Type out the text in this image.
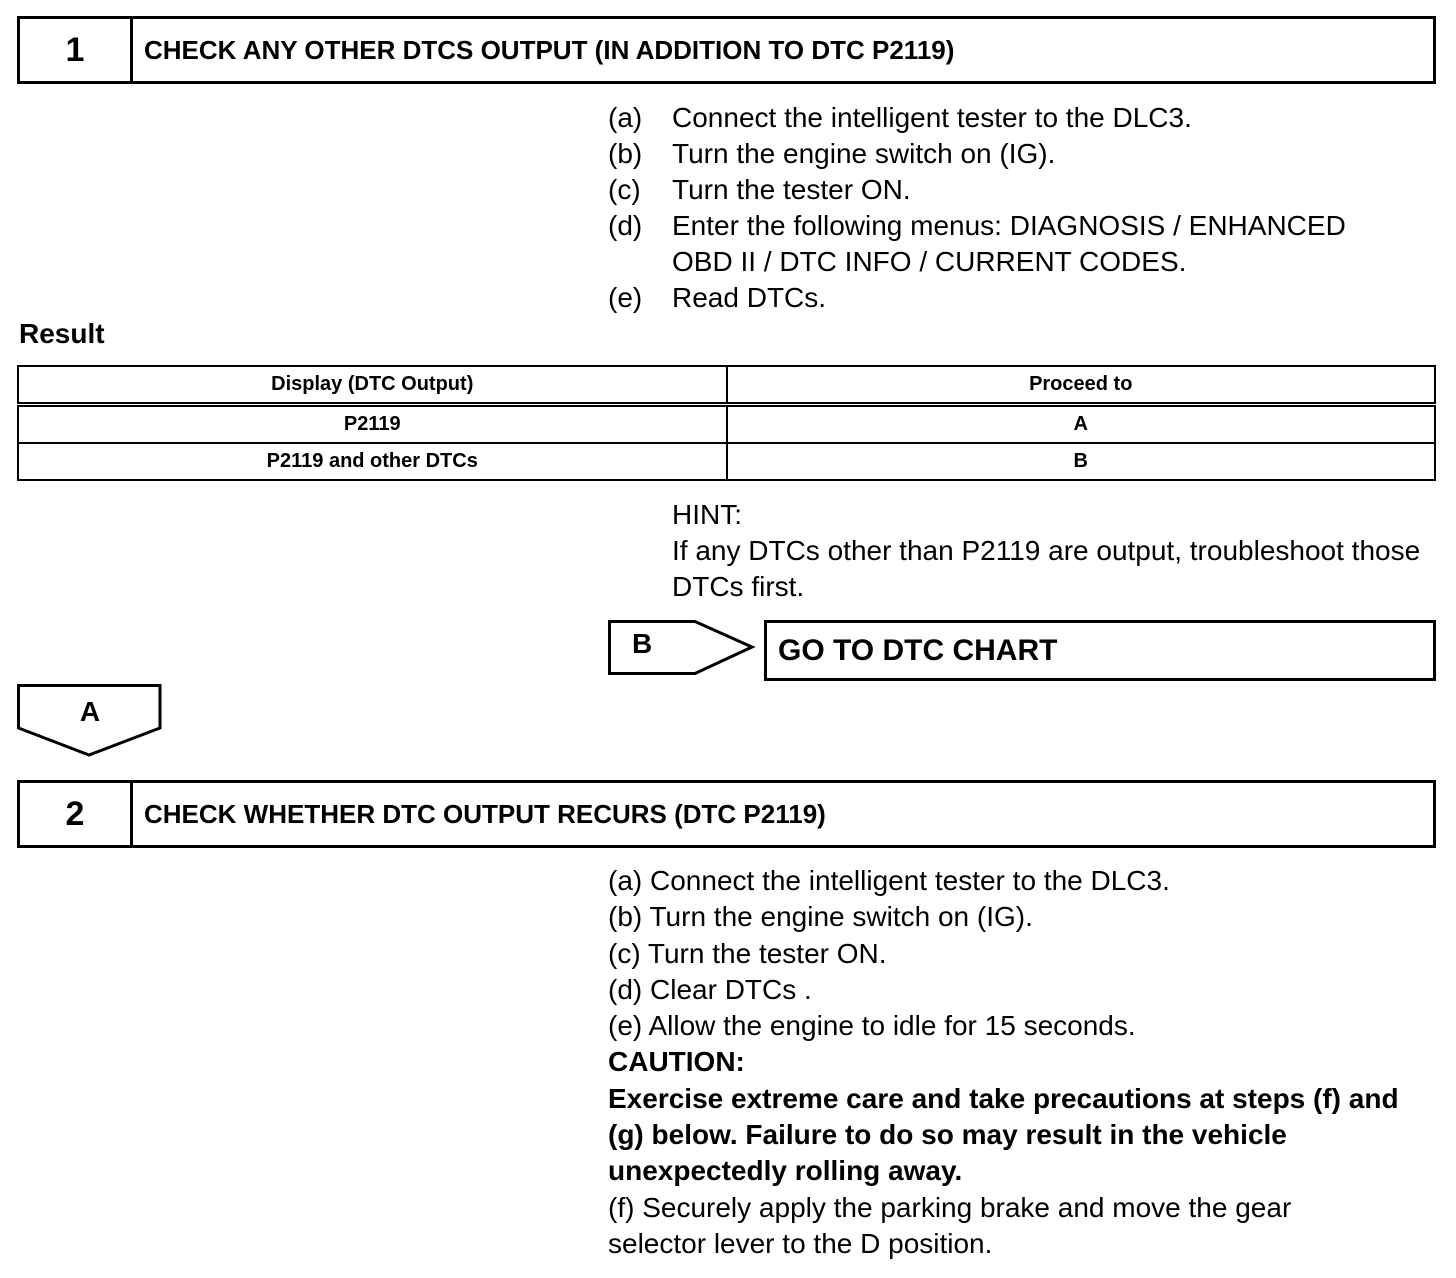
1	CHECK ANY OTHER DTCS OUTPUT (IN ADDITION TO DTC P2119)
(a)	Connect the intelligent tester to the DLC3.
(b)	Turn the engine switch on (IG).
(c)	Turn the tester ON.
(d)	Enter the following menus: DIAGNOSIS / ENHANCED OBD II / DTC INFO / CURRENT CODES.
(e)	Read DTCs.
Result
Display (DTC Output)	Proceed to
P2119	A
P2119 and other DTCs	B
HINT:
If any DTCs other than P2119 are output, troubleshoot those DTCs first.
B	GO TO DTC CHART
A
2	CHECK WHETHER DTC OUTPUT RECURS (DTC P2119)
(a) Connect the intelligent tester to the DLC3.
(b) Turn the engine switch on (IG).
(c) Turn the tester ON.
(d) Clear DTCs .
(e) Allow the engine to idle for 15 seconds.
CAUTION:
Exercise extreme care and take precautions at steps (f) and (g) below. Failure to do so may result in the vehicle unexpectedly rolling away.
(f) Securely apply the parking brake and move the gear selector lever to the D position.
